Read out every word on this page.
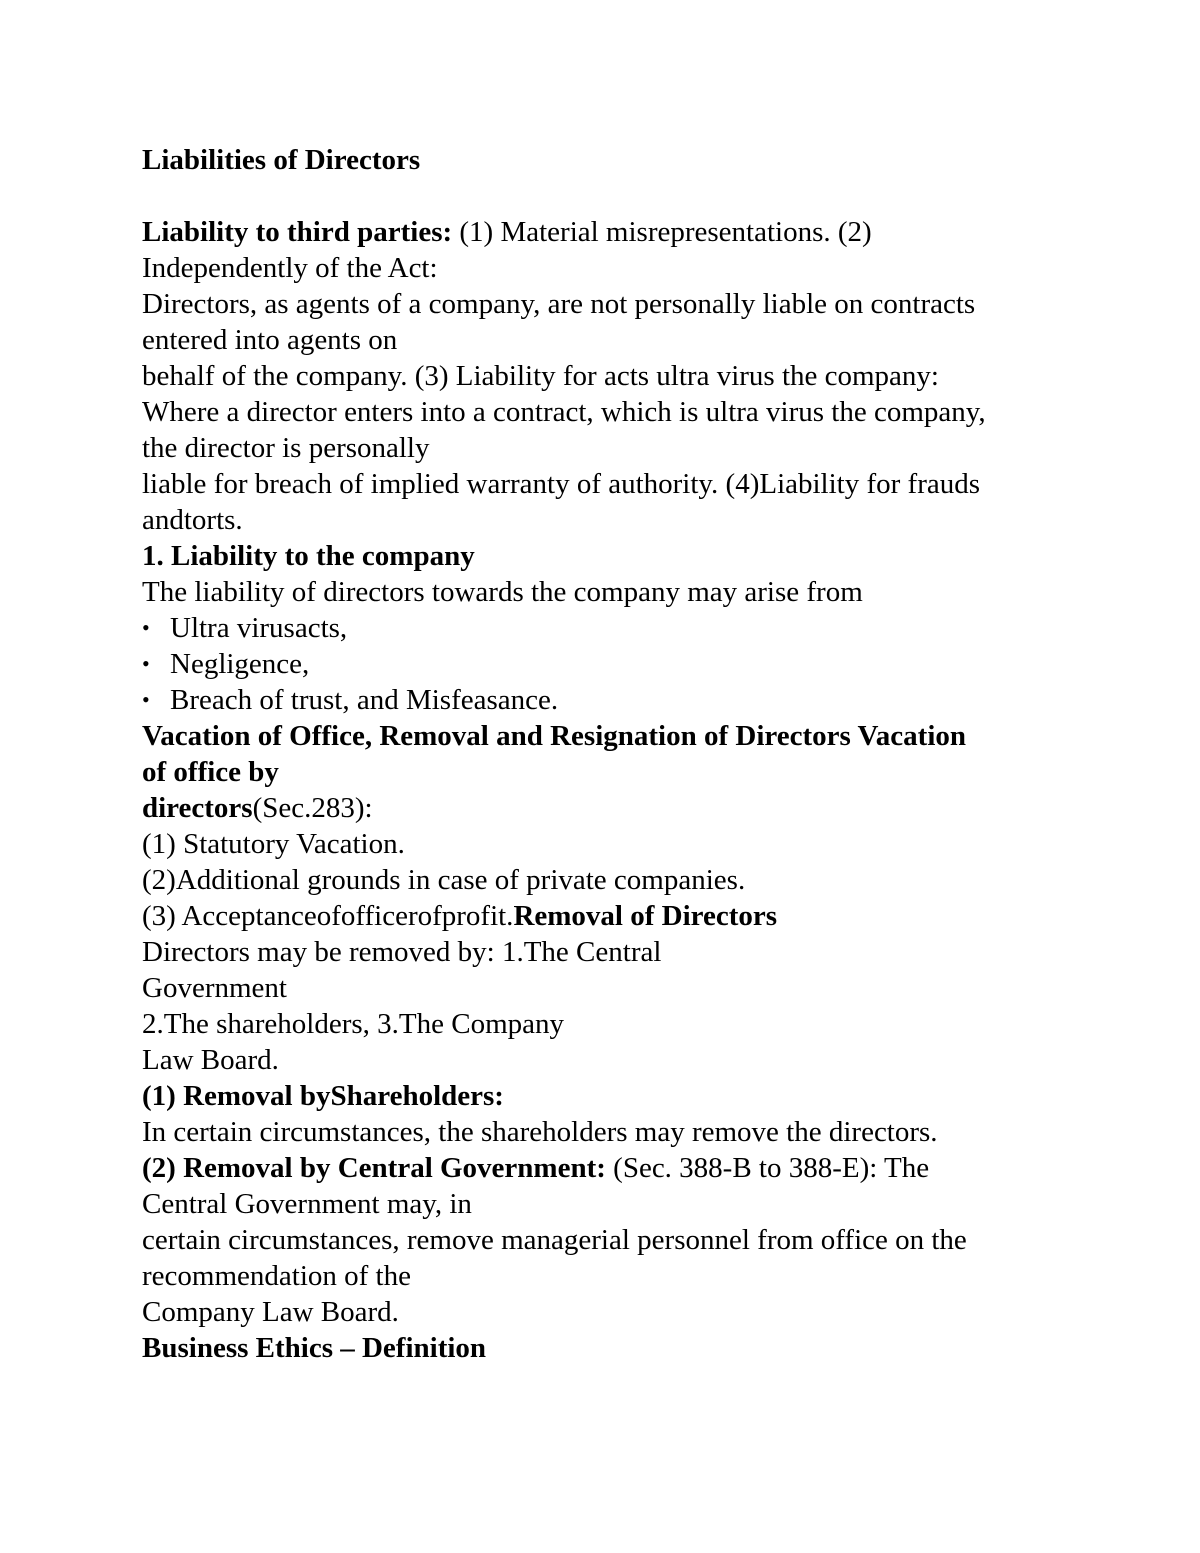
Liabilities of Directors
Liability to third parties: (1) Material misrepresentations. (2)
Independently of the Act:
Directors, as agents of a company, are not personally liable on contracts
entered into agents on
behalf of the company. (3) Liability for acts ultra virus the company:
Where a director enters into a contract, which is ultra virus the company,
the director is personally
liable for breach of implied warranty of authority. (4)Liability for frauds
andtorts.
1. Liability to the company
The liability of directors towards the company may arise from
• Ultra virusacts,
• Negligence,
• Breach of trust, and Misfeasance.
Vacation of Office, Removal and Resignation of Directors Vacation
of office by
directors(Sec.283):
(1) Statutory Vacation.
(2)Additional grounds in case of private companies.
(3) Acceptanceofofficerofprofit.Removal of Directors
Directors may be removed by: 1.The Central
Government
2.The shareholders, 3.The Company
Law Board.
(1) Removal byShareholders:
In certain circumstances, the shareholders may remove the directors.
(2) Removal by Central Government: (Sec. 388-B to 388-E): The
Central Government may, in
certain circumstances, remove managerial personnel from office on the
recommendation of the
Company Law Board.
Business Ethics – Definition
